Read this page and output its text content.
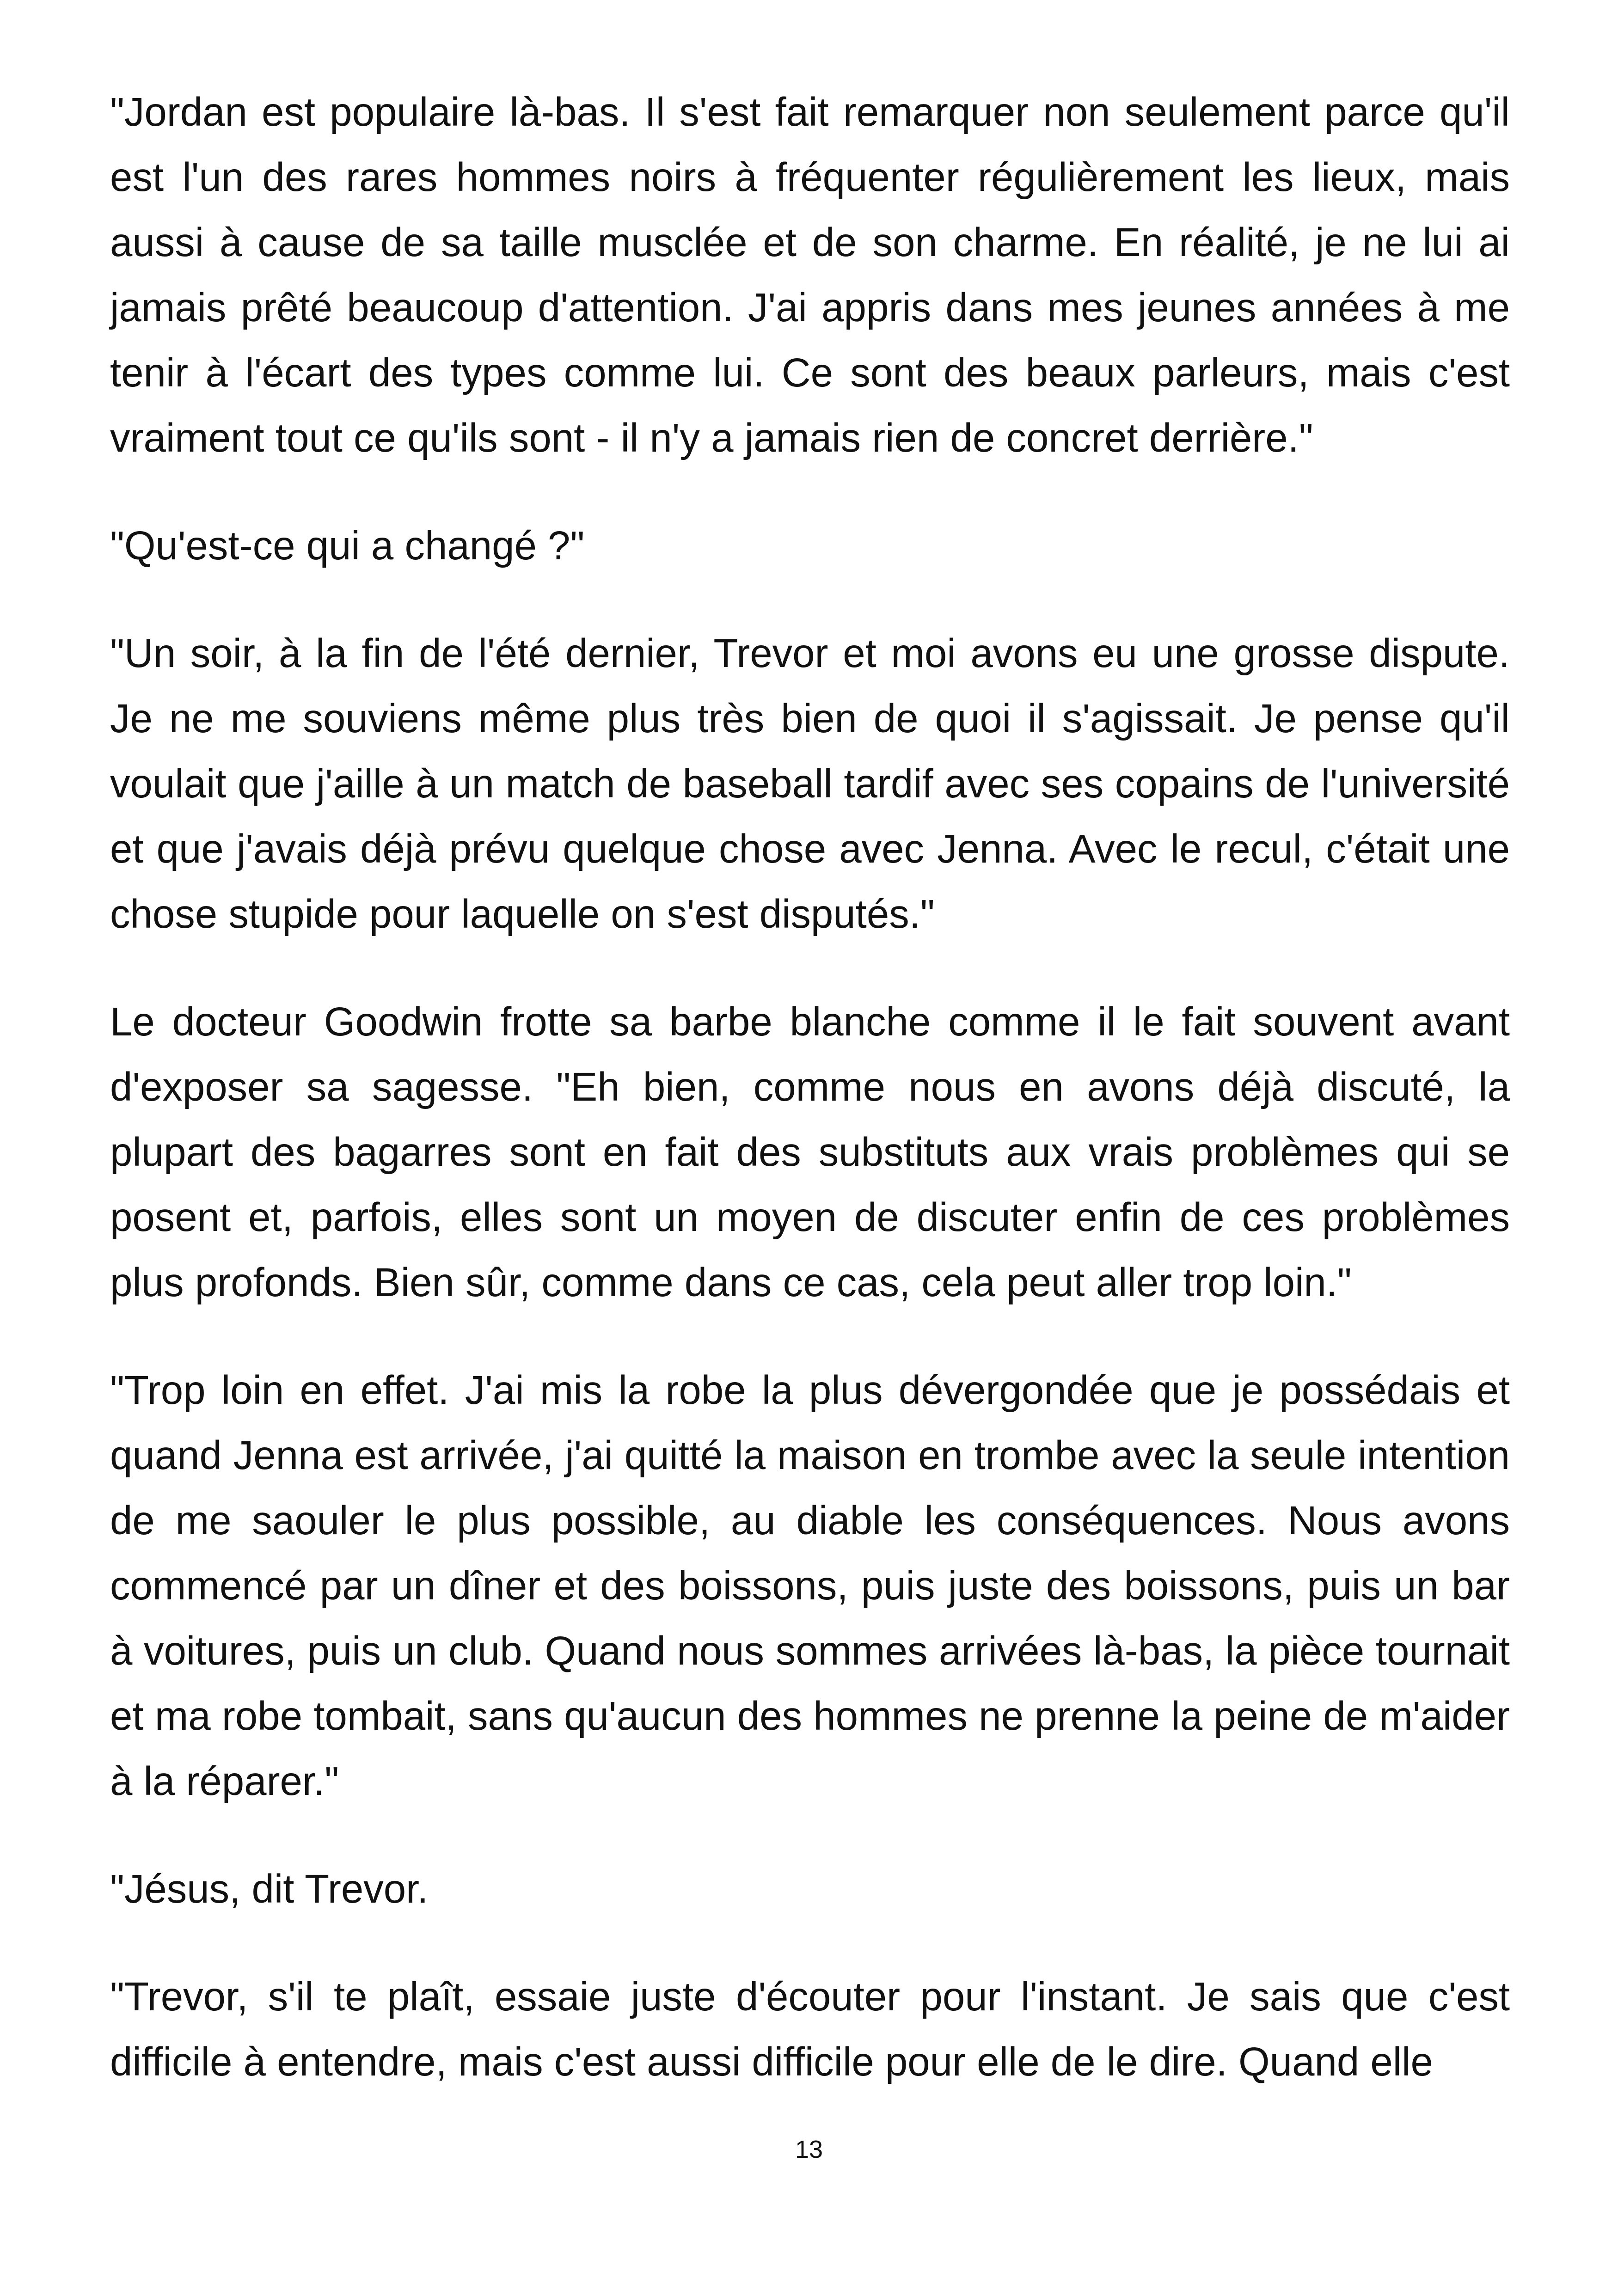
"Jordan est populaire là-bas. Il s'est fait remarquer non seulement parce qu'il est l'un des rares hommes noirs à fréquenter régulièrement les lieux, mais aussi à cause de sa taille musclée et de son charme. En réalité, je ne lui ai jamais prêté beaucoup d'attention. J'ai appris dans mes jeunes années à me tenir à l'écart des types comme lui. Ce sont des beaux parleurs, mais c'est vraiment tout ce qu'ils sont - il n'y a jamais rien de concret derrière."

"Qu'est-ce qui a changé ?"

"Un soir, à la fin de l'été dernier, Trevor et moi avons eu une grosse dispute. Je ne me souviens même plus très bien de quoi il s'agissait. Je pense qu'il voulait que j'aille à un match de baseball tardif avec ses copains de l'université et que j'avais déjà prévu quelque chose avec Jenna. Avec le recul, c'était une chose stupide pour laquelle on s'est disputés."

Le docteur Goodwin frotte sa barbe blanche comme il le fait souvent avant d'exposer sa sagesse. "Eh bien, comme nous en avons déjà discuté, la plupart des bagarres sont en fait des substituts aux vrais problèmes qui se posent et, parfois, elles sont un moyen de discuter enfin de ces problèmes plus profonds. Bien sûr, comme dans ce cas, cela peut aller trop loin."

"Trop loin en effet. J'ai mis la robe la plus dévergondée que je possédais et quand Jenna est arrivée, j'ai quitté la maison en trombe avec la seule intention de me saouler le plus possible, au diable les conséquences. Nous avons commencé par un dîner et des boissons, puis juste des boissons, puis un bar à voitures, puis un club. Quand nous sommes arrivées là-bas, la pièce tournait et ma robe tombait, sans qu'aucun des hommes ne prenne la peine de m'aider à la réparer."

"Jésus, dit Trevor.

"Trevor, s'il te plaît, essaie juste d'écouter pour l'instant. Je sais que c'est difficile à entendre, mais c'est aussi difficile pour elle de le dire. Quand elle

13
